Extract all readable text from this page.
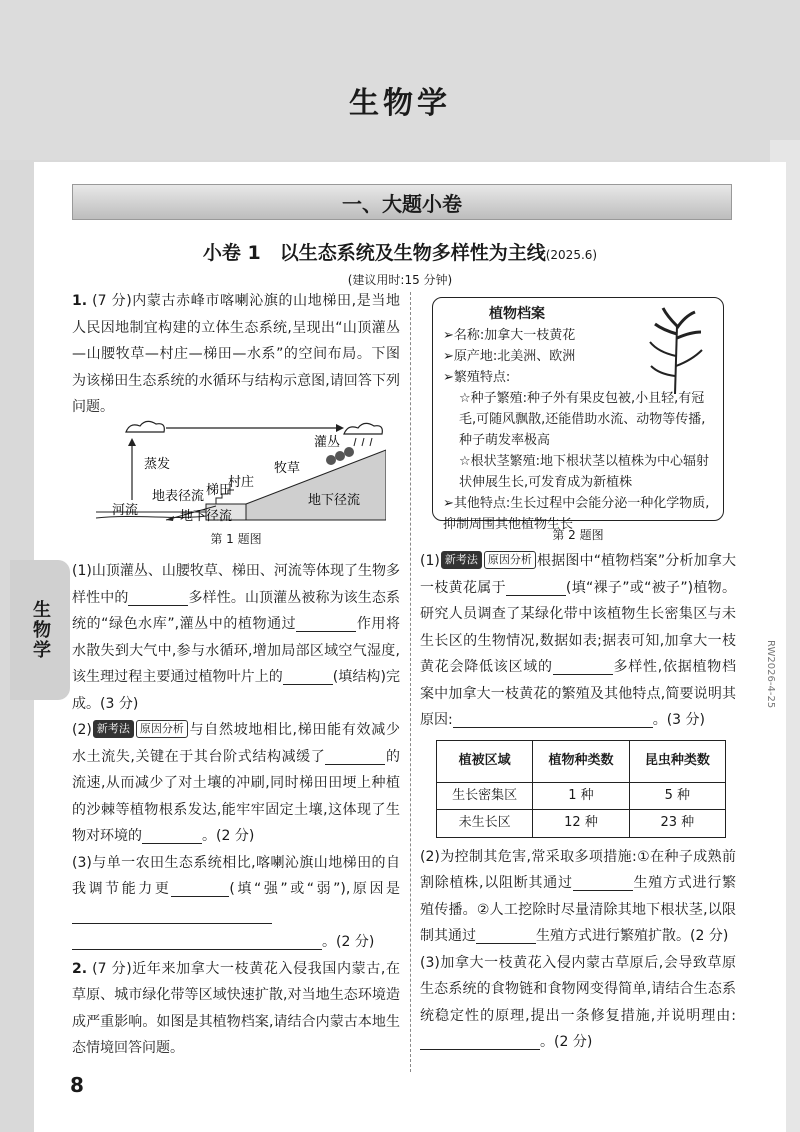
生物学
RW2026-4-25
一、大题小卷
小卷 1　以生态系统及生物多样性为主线(2025.6)
(建议用时:15 分钟)
生物学
1. (7 分)内蒙古赤峰市喀喇沁旗的山地梯田,是当地人民因地制宜构建的立体生态系统,呈现出“山顶灌丛—山腰牧草—村庄—梯田—水系”的空间布局。下图为该梯田生态系统的水循环与结构示意图,请回答下列问题。
蒸发
灌丛
牧草
村庄
梯田
地表径流	地下径流
地下径流
河流
第 1 题图
(1)山顶灌丛、山腰牧草、梯田、河流等体现了生物多样性中的	多样性。山顶灌丛被称为该生态系统的“绿色水库”,灌丛中的植物通过	作用将水散失到大气中,参与水循环,增加局部区域空气湿度,该生理过程主要通过植物叶片上的	(填结构)完成。(3 分)
(2) 新考法 原因分析 与自然坡地相比,梯田能有效减少水土流失,关键在于其台阶式结构减缓了	的流速,从而减少了对土壤的冲刷,同时梯田田埂上种植的沙棘等植物根系发达,能牢牢固定土壤,这体现了生物对环境的	。(2 分)
(3)与单一农田生态系统相比,喀喇沁旗山地梯田的自我调节能力更	(填“强”或“弱”),原因是
。(2 分)
2. (7 分)近年来加拿大一枝黄花入侵我国内蒙古,在草原、城市绿化带等区域快速扩散,对当地生态环境造成严重影响。如图是其植物档案,请结合内蒙古本地生态情境回答问题。
植物档案
➢名称:加拿大一枝黄花
➢原产地:北美洲、欧洲
➢繁殖特点:
☆种子繁殖:种子外有果皮包被,小且轻,有冠毛,可随风飘散,还能借助水流、动物等传播,种子萌发率极高
☆根状茎繁殖:地下根状茎以植株为中心辐射状伸展生长,可发育成为新植株
➢其他特点:生长过程中会能分泌一种化学物质,抑制周围其他植物生长
第 2 题图
(1) 新考法 原因分析 根据图中“植物档案”分析加拿大一枝黄花属于	(填“裸子”或“被子”)植物。研究人员调查了某绿化带中该植物生长密集区与未生长区的生物情况,数据如表;据表可知,加拿大一枝黄花会降低该区域的	多样性,依据植物档案中加拿大一枝黄花的繁殖及其他特点,简要说明其原因:	。(3 分)
植被区域	植物种类数	昆虫种类数
生长密集区	1 种	5 种
未生长区	12 种	23 种
(2)为控制其危害,常采取多项措施:①在种子成熟前割除植株,以阻断其通过	生殖方式进行繁殖传播。②人工挖除时尽量清除其地下根状茎,以限制其通过	生殖方式进行繁殖扩散。(2 分)
(3)加拿大一枝黄花入侵内蒙古草原后,会导致草原生态系统的食物链和食物网变得简单,请结合生态系统稳定性的原理,提出一条修复措施,并说明理由:。(2 分)
8
